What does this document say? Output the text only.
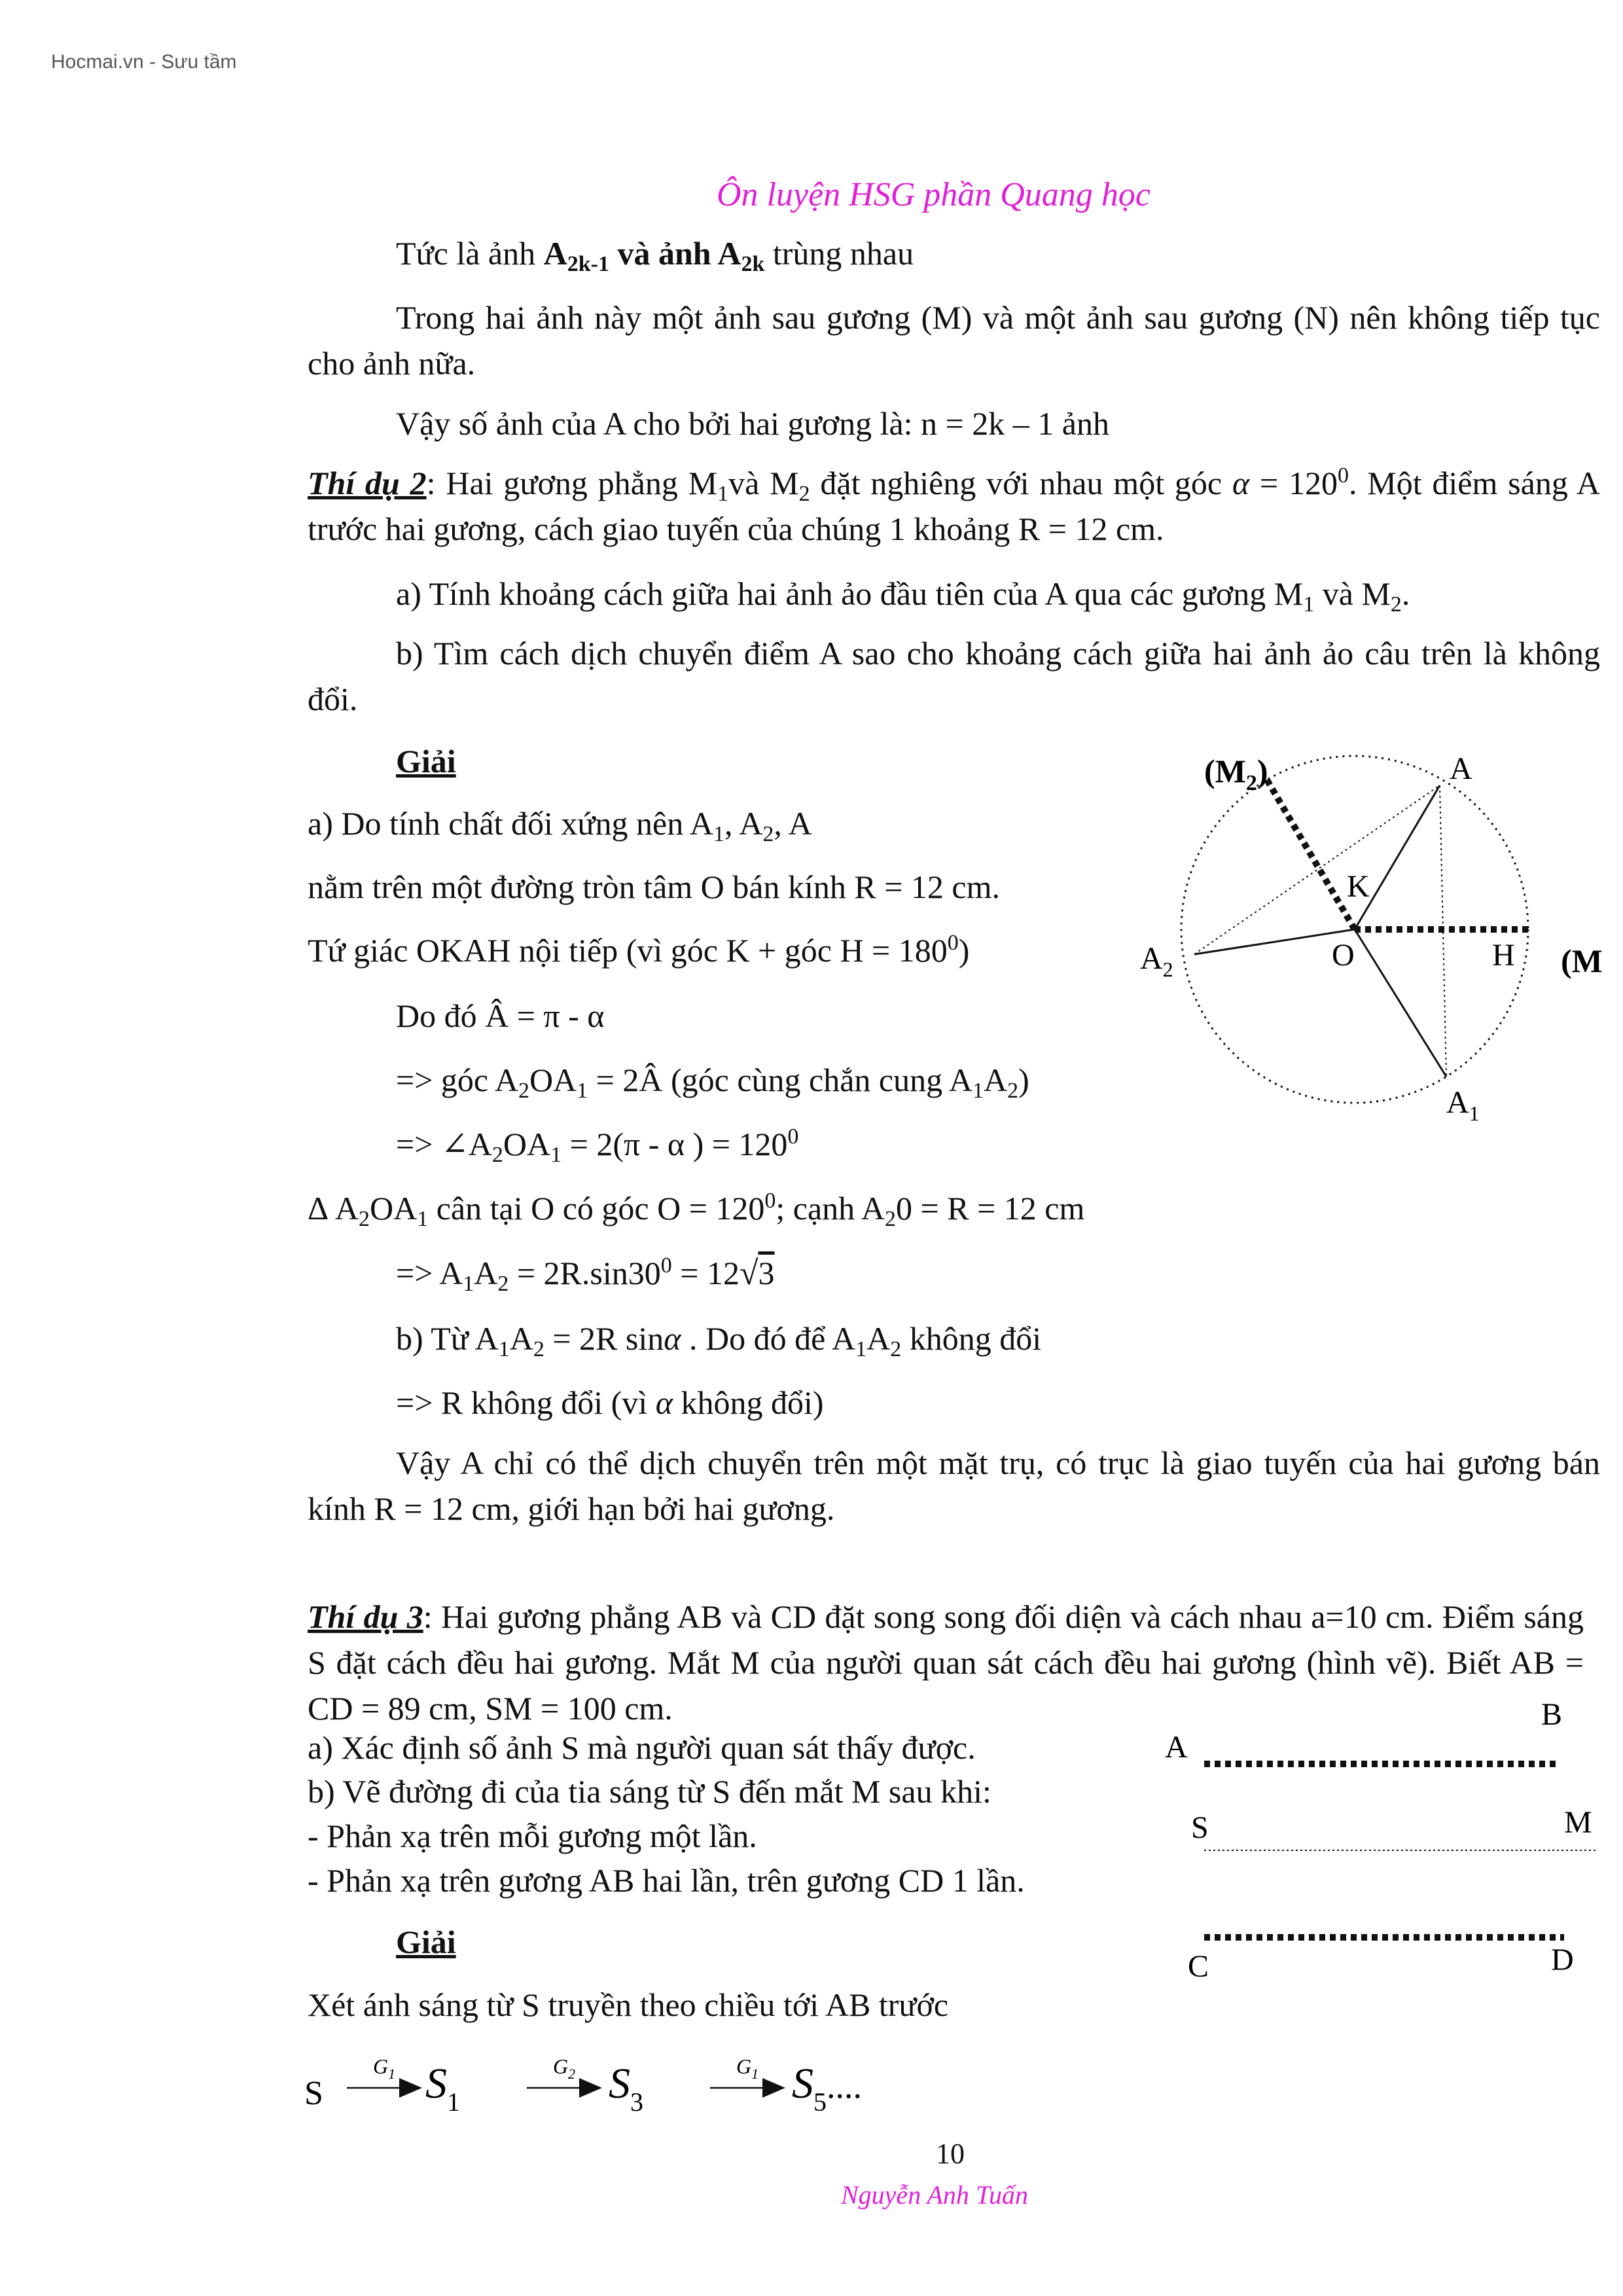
Hocmai.vn - Sưu tầm
Ôn luyện HSG phần Quang học
Tức là ảnh $A_{2k-1}$ và ảnh $A_{2k}$ trùng nhau
Trong hai ảnh này một ảnh sau gương (M) và một ảnh sau gương (N) nên không tiếp tục cho ảnh nữa.
Vậy số ảnh của A cho bởi hai gương là: n = 2k – 1 ảnh
Thí dụ 2: Hai gương phẳng $M_1và$ $M_2$ đặt nghiêng với nhau một góc $\alpha = 120^0$. Một điểm sáng A trước hai gương, cách giao tuyến của chúng 1 khoảng R = 12 cm.
a) Tính khoảng cách giữa hai ảnh ảo đầu tiên của A qua các gương $M_1$ và $M_2$.
b) Tìm cách dịch chuyển điểm A sao cho khoảng cách giữa hai ảnh ảo câu trên là không đổi.
Giải
a) Do tính chất đối xứng nên $A_1$, $A_2$, A
nằm trên một đường tròn tâm O bán kính R = 12 cm.
Tứ giác OKAH nội tiếp (vì góc K + góc $H = 180^0$)
Do đó Â = π - α
=> góc $A_2OA_1$ = 2Â (góc cùng chắn cung $A_1A_2$)
=> $\angle A_2OA_1 = 2(\pi - \alpha$ ) = $120^0$
Δ $A_2OA_1$ cân tại O có góc $O = 120^0$; cạnh $A_20 = R = 12$ cm
=> $A_1A_2 = 2R.\sin 30^0 = 12√3$
b) Từ $A_1A_2 = 2R$ sinα . Do đó để $A_1A_2$ không đổi
=> R không đổi (vì α không đổi)
Vậy A chỉ có thể dịch chuyển trên một mặt trụ, có trục là giao tuyến của hai gương bán kính R = 12 cm, giới hạn bởi hai gương.
$(M_2)$	A
K
O	H
$A_2$
$A_1$
(M
Thí dụ 3: Hai gương phẳng AB và CD đặt song song đối diện và cách nhau a=10 cm. Điểm sáng S đặt cách đều hai gương. Mắt M của người quan sát cách đều hai gương (hình vẽ). Biết AB = CD = 89 cm, SM = 100 cm.
a) Xác định số ảnh S mà người quan sát thấy được.
b) Vẽ đường đi của tia sáng từ S đến mắt M sau khi:
- Phản xạ trên mỗi gương một lần.
- Phản xạ trên gương AB hai lần, trên gương CD 1 lần.
Giải
Xét ánh sáng từ S truyền theo chiều tới AB trước
A
B
S	M
C	D
S
$G_1$ $S_1$
$G_2$ $S_3$
$G_1$ $S_5^{....}$
10
Nguyễn Anh Tuấn
